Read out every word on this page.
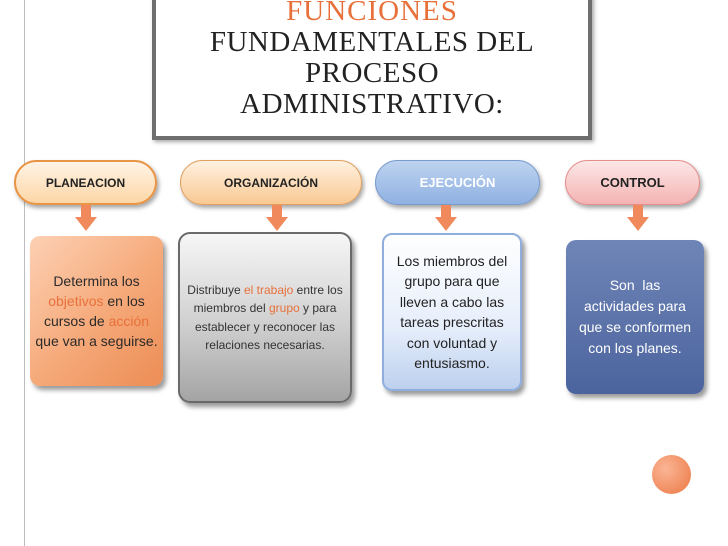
FUNCIONES
FUNDAMENTALES DEL
PROCESO
ADMINISTRATIVO:
PLANEACION	ORGANIZACIÓN	EJECUCIÓN	CONTROL
Determina los objetivos en los cursos de acción que van a seguirse.
Distribuye el trabajo entre los miembros del grupo y para establecer y reconocer las relaciones necesarias.
Los miembros del grupo para que lleven a cabo las tareas prescritas con voluntad y entusiasmo.
Son  las actividades para que se conformen con los planes.
